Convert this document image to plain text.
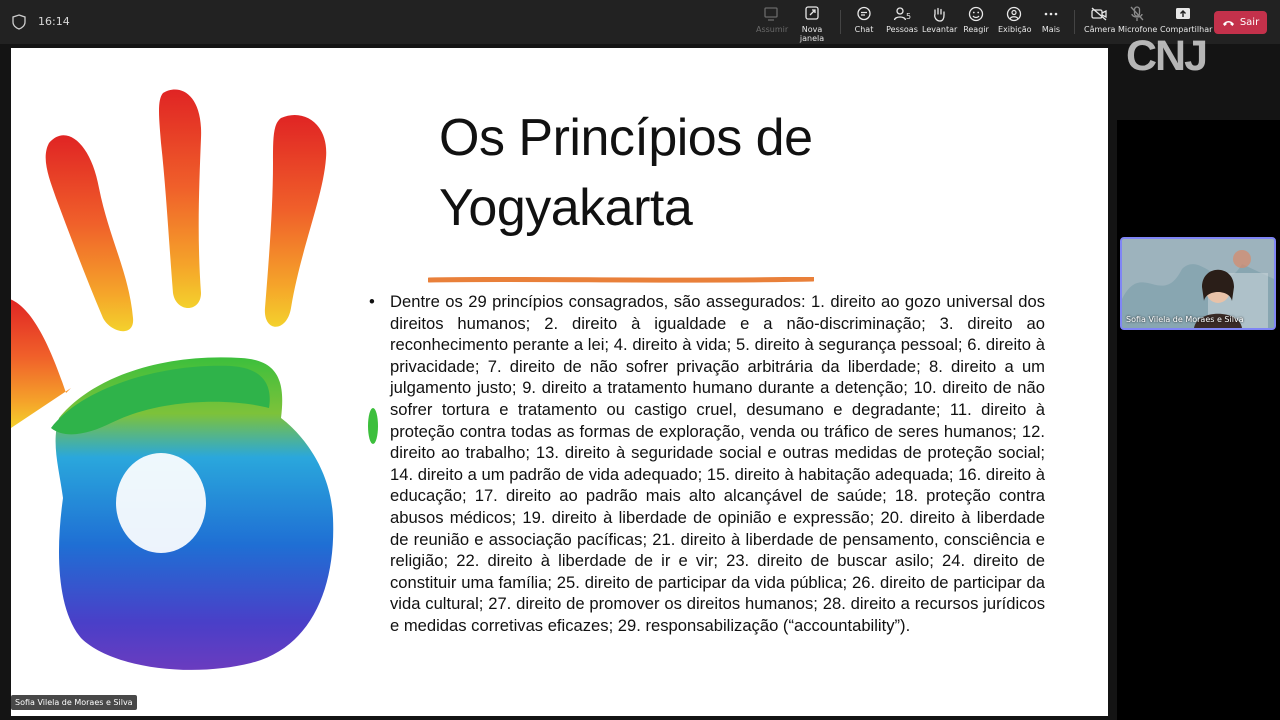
16:14
Assumir	Nova janela
Chat
5
Pessoas Levantar Reagir Exibição	Mais	Câmera Microfone Compartilhar
Sair
Os Princípios de
Yogyakarta
• Dentre os 29 princípios consagrados, são assegurados: 1. direito ao gozo universal dos direitos humanos; 2. direito à igualdade e a não-discriminação; 3. direito ao reconhecimento perante a lei; 4. direito à vida; 5. direito à segurança pessoal; 6. direito à privacidade; 7. direito de não sofrer privação arbitrária da liberdade; 8. direito a um julgamento justo; 9. direito a tratamento humano durante a detenção; 10. direito de não sofrer tortura e tratamento ou castigo cruel, desumano e degradante; 11. direito à proteção contra todas as formas de exploração, venda ou tráfico de seres humanos; 12. direito ao trabalho; 13. direito à seguridade social e outras medidas de proteção social; 14. direito a um padrão de vida adequado; 15. direito à habitação adequada; 16. direito à educação; 17. direito ao padrão mais alto alcançável de saúde; 18. proteção contra abusos médicos; 19. direito à liberdade de opinião e expressão; 20. direito à liberdade de reunião e associação pacíficas; 21. direito à liberdade de pensamento, consciência e religião; 22. direito à liberdade de ir e vir; 23. direito de buscar asilo; 24. direito de constituir uma família; 25. direito de participar da vida pública; 26. direito de participar da vida cultural; 27. direito de promover os direitos humanos; 28. direito a recursos jurídicos e medidas corretivas eficazes; 29. responsabilização (“accountability”).
Sofia Vilela de Moraes e Silva
CNJ
Sofia Vilela de Moraes e Silva
